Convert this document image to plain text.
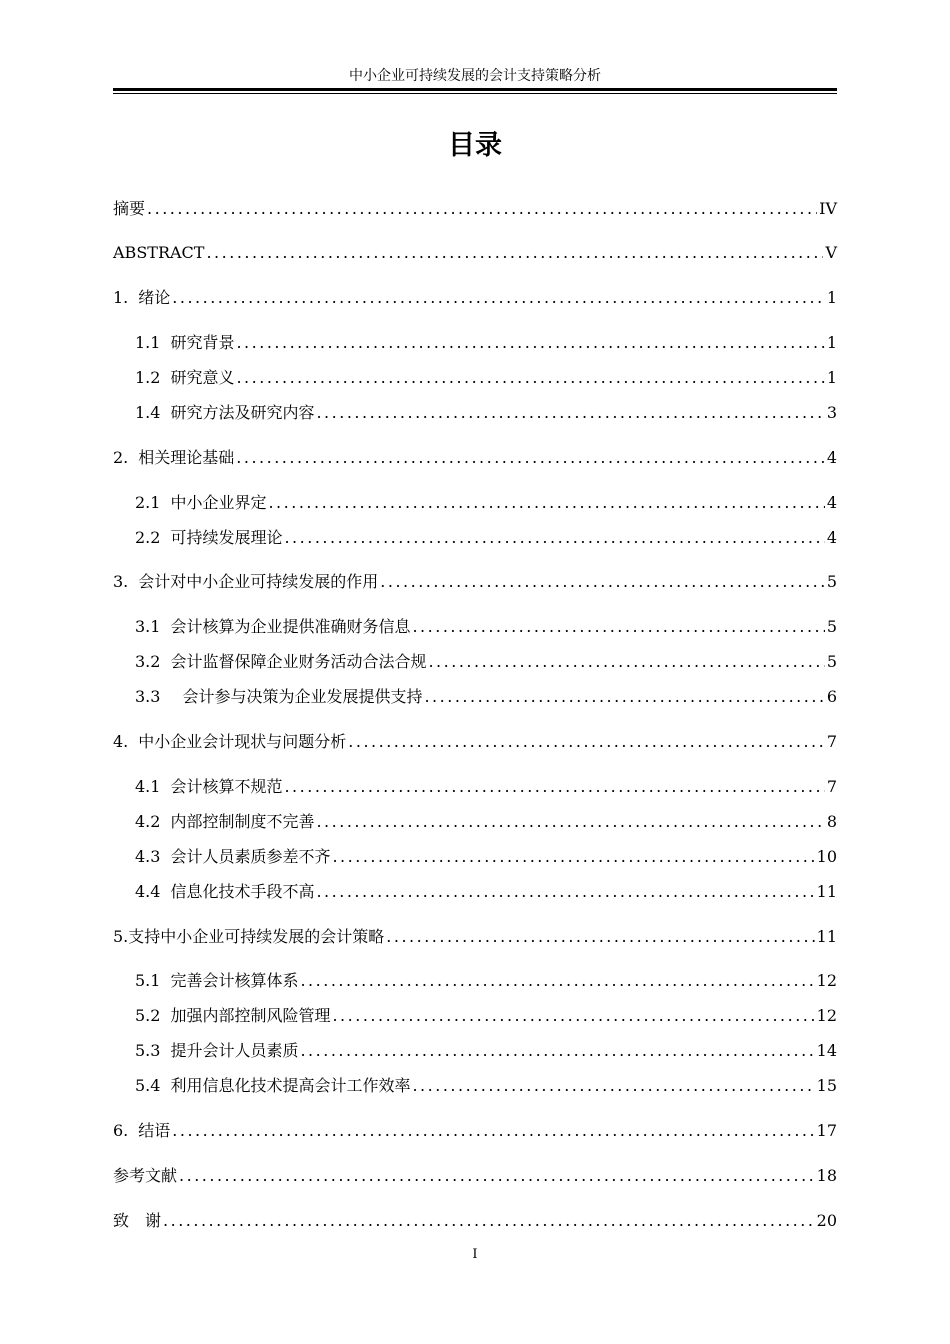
中小企业可持续发展的会计支持策略分析
目录
摘要 .....	IV
ABSTRACT .....	V
1. 绪论 .....	1
1.1 研究背景 .....	1
1.2 研究意义 .....	1
1.4 研究方法及研究内容 .....	3
2. 相关理论基础 .....	4
2.1 中小企业界定 .....	4
2.2 可持续发展理论 .....	4
3. 会计对中小企业可持续发展的作用 .....	5
3.1 会计核算为企业提供准确财务信息 .....	5
3.2 会计监督保障企业财务活动合法合规 .....	5
3.3 会计参与决策为企业发展提供支持 .....	6
4. 中小企业会计现状与问题分析 .....	7
4.1 会计核算不规范 .....	7
4.2 内部控制制度不完善 .....	8
4.3 会计人员素质参差不齐 .....	10
4.4 信息化技术手段不高 .....	11
5. 支持中小企业可持续发展的会计策略 .....	11
5.1 完善会计核算体系 .....	12
5.2 加强内部控制风险管理 .....	12
5.3 提升会计人员素质 .....	14
5.4 利用信息化技术提高会计工作效率 .....	15
6. 结语 .....	17
参考文献 .....	18
致　谢 .....	20
I
